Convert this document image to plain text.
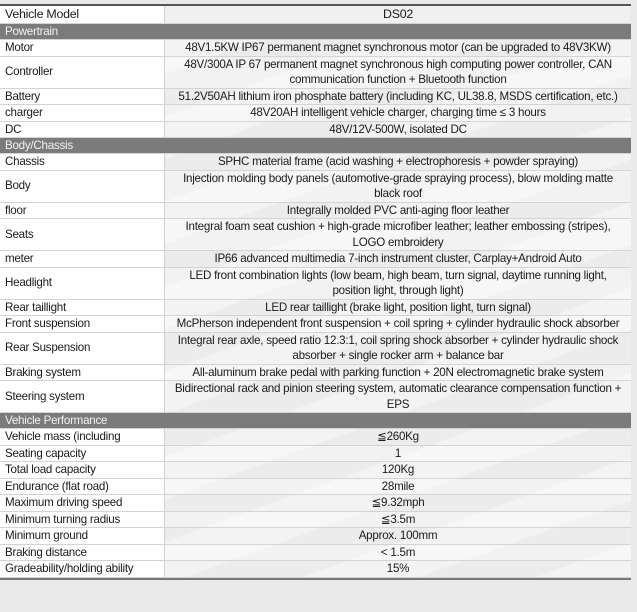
Vehicle Model	DS02
Powertrain	
Motor	48V1.5KW IP67 permanent magnet synchronous motor (can be upgraded to 48V3KW)
Controller	48V/300A IP 67 permanent magnet synchronous high computing power controller, CAN communication function + Bluetooth function
Battery	51.2V50AH lithium iron phosphate battery (including KC, UL38.8, MSDS certification, etc.)
charger	48V20AH intelligent vehicle charger, charging time ≤ 3 hours
DC	48V/12V-500W, isolated DC
Body/Chassis	
Chassis	SPHC material frame (acid washing + electrophoresis + powder spraying)
Body	Injection molding body panels (automotive-grade spraying process), blow molding matte black roof
floor	Integrally molded PVC anti-aging floor leather
Seats	Integral foam seat cushion + high-grade microfiber leather; leather embossing (stripes), LOGO embroidery
meter	IP66 advanced multimedia 7-inch instrument cluster, Carplay+Android Auto
Headlight	LED front combination lights (low beam, high beam, turn signal, daytime running light, position light, through light)
Rear taillight	LED rear taillight (brake light, position light, turn signal)
Front suspension	McPherson independent front suspension + coil spring + cylinder hydraulic shock absorber
Rear Suspension	Integral rear axle, speed ratio 12.3:1, coil spring shock absorber + cylinder hydraulic shock absorber + single rocker arm + balance bar
Braking system	All-aluminum brake pedal with parking function + 20N electromagnetic brake system
Steering system	Bidirectional rack and pinion steering system, automatic clearance compensation function + EPS
Vehicle Performance	
Vehicle mass (including	≦260Kg
Seating capacity	1
Total load capacity	120Kg
Endurance (flat road)	28mile
Maximum driving speed	≦9.32mph
Minimum turning radius	≦3.5m
Minimum ground	Approx. 100mm
Braking distance	< 1.5m
Gradeability/holding ability	15%
